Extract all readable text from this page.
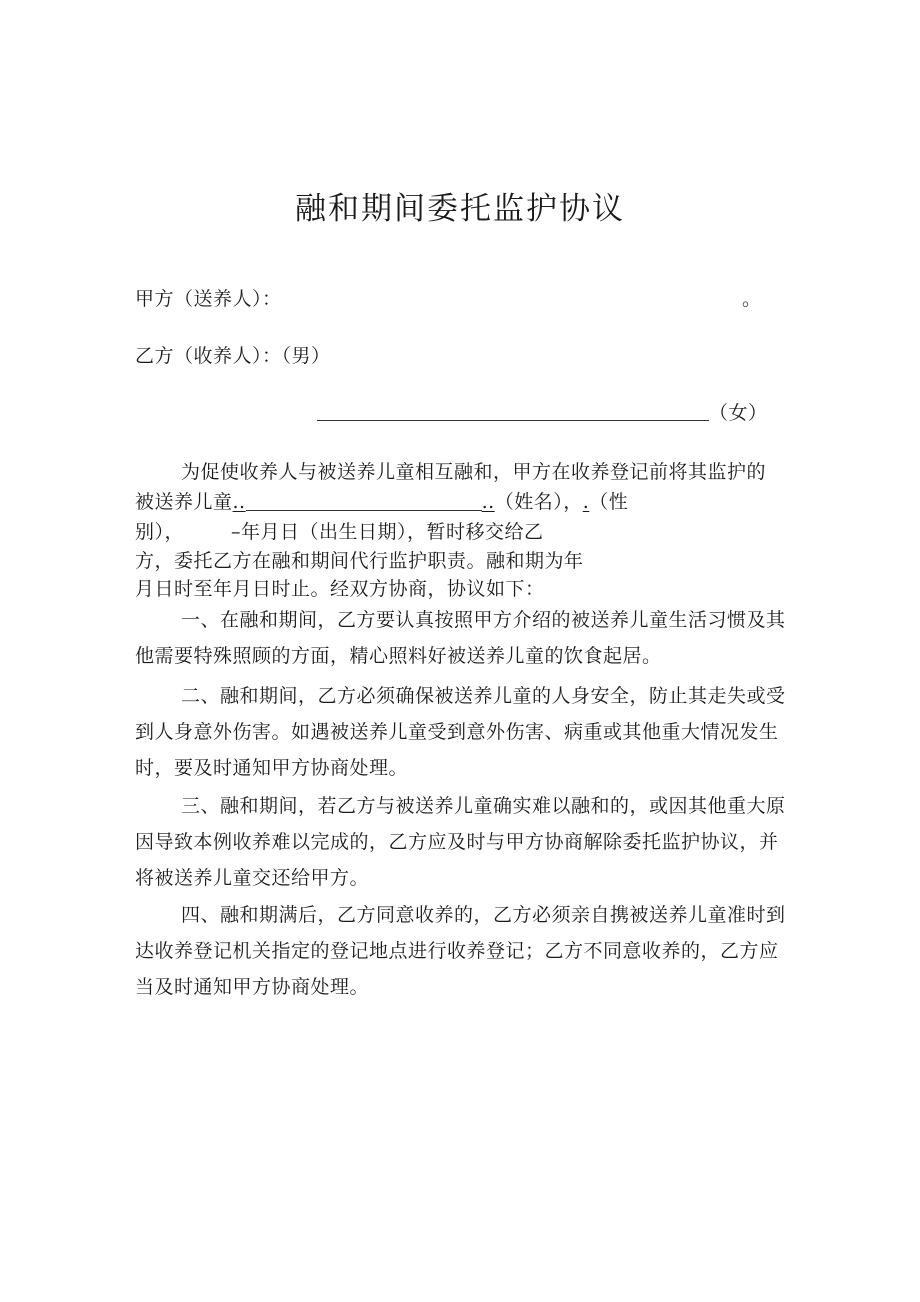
融和期间委托监护协议
甲方（送养人）：	。
乙方（收养人）：（男）
（女）

为促使收养人与被送养儿童相互融和，甲方在收养登记前将其监护的

被送养儿童..	..（姓名），.（性

别）， –年月日（出生日期），暂时移交给乙

方，委托乙方在融和期间代行监护职责。融和期为年

月日时至年月日时止。经双方协商，协议如下：

一、在融和期间，乙方要认真按照甲方介绍的被送养儿童生活习惯及其他需要特殊照顾的方面，精心照料好被送养儿童的饮食起居。

二、融和期间，乙方必须确保被送养儿童的人身安全，防止其走失或受到人身意外伤害。如遇被送养儿童受到意外伤害、病重或其他重大情况发生时，要及时通知甲方协商处理。

三、融和期间，若乙方与被送养儿童确实难以融和的，或因其他重大原因导致本例收养难以完成的，乙方应及时与甲方协商解除委托监护协议，并将被送养儿童交还给甲方。

四、融和期满后，乙方同意收养的，乙方必须亲自携被送养儿童准时到达收养登记机关指定的登记地点进行收养登记；乙方不同意收养的，乙方应当及时通知甲方协商处理。
